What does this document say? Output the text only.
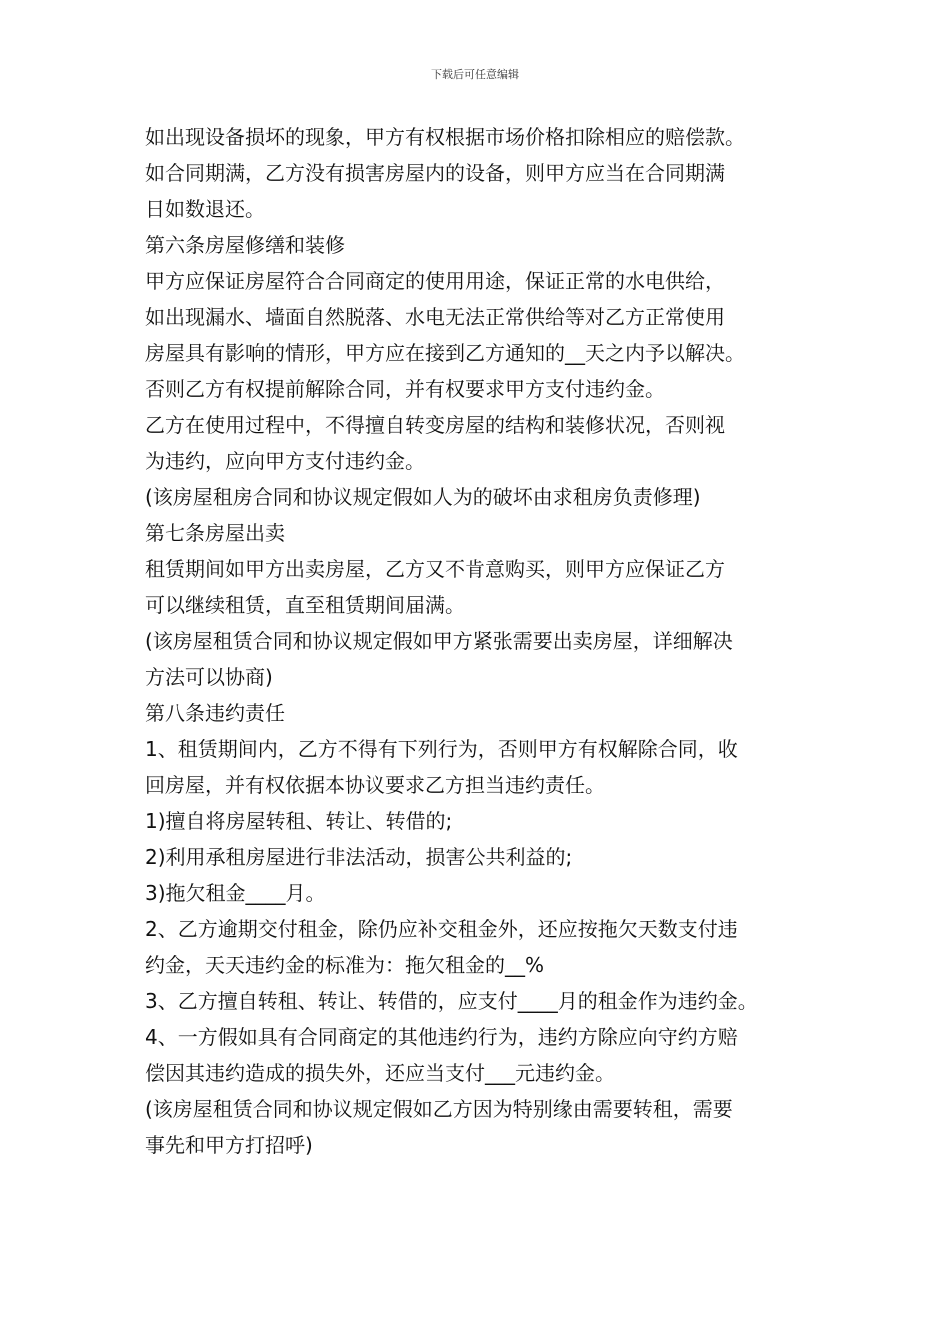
下载后可任意编辑
如出现设备损坏的现象，甲方有权根据市场价格扣除相应的赔偿款。
如合同期满，乙方没有损害房屋内的设备，则甲方应当在合同期满
日如数退还。
第六条房屋修缮和装修
甲方应保证房屋符合合同商定的使用用途，保证正常的水电供给，
如出现漏水、墙面自然脱落、水电无法正常供给等对乙方正常使用
房屋具有影响的情形，甲方应在接到乙方通知的__天之内予以解决。
否则乙方有权提前解除合同，并有权要求甲方支付违约金。
乙方在使用过程中，不得擅自转变房屋的结构和装修状况，否则视
为违约，应向甲方支付违约金。
(该房屋租房合同和协议规定假如人为的破坏由求租房负责修理)
第七条房屋出卖
租赁期间如甲方出卖房屋，乙方又不肯意购买，则甲方应保证乙方
可以继续租赁，直至租赁期间届满。
(该房屋租赁合同和协议规定假如甲方紧张需要出卖房屋，详细解决
方法可以协商)
第八条违约责任
1、租赁期间内，乙方不得有下列行为，否则甲方有权解除合同，收
回房屋，并有权依据本协议要求乙方担当违约责任。
1)擅自将房屋转租、转让、转借的;
2)利用承租房屋进行非法活动，损害公共利益的;
3)拖欠租金____月。
2、乙方逾期交付租金，除仍应补交租金外，还应按拖欠天数支付违
约金，天天违约金的标准为：拖欠租金的__%
3、乙方擅自转租、转让、转借的，应支付____月的租金作为违约金。
4、一方假如具有合同商定的其他违约行为，违约方除应向守约方赔
偿因其违约造成的损失外，还应当支付___元违约金。
(该房屋租赁合同和协议规定假如乙方因为特别缘由需要转租，需要
事先和甲方打招呼)
